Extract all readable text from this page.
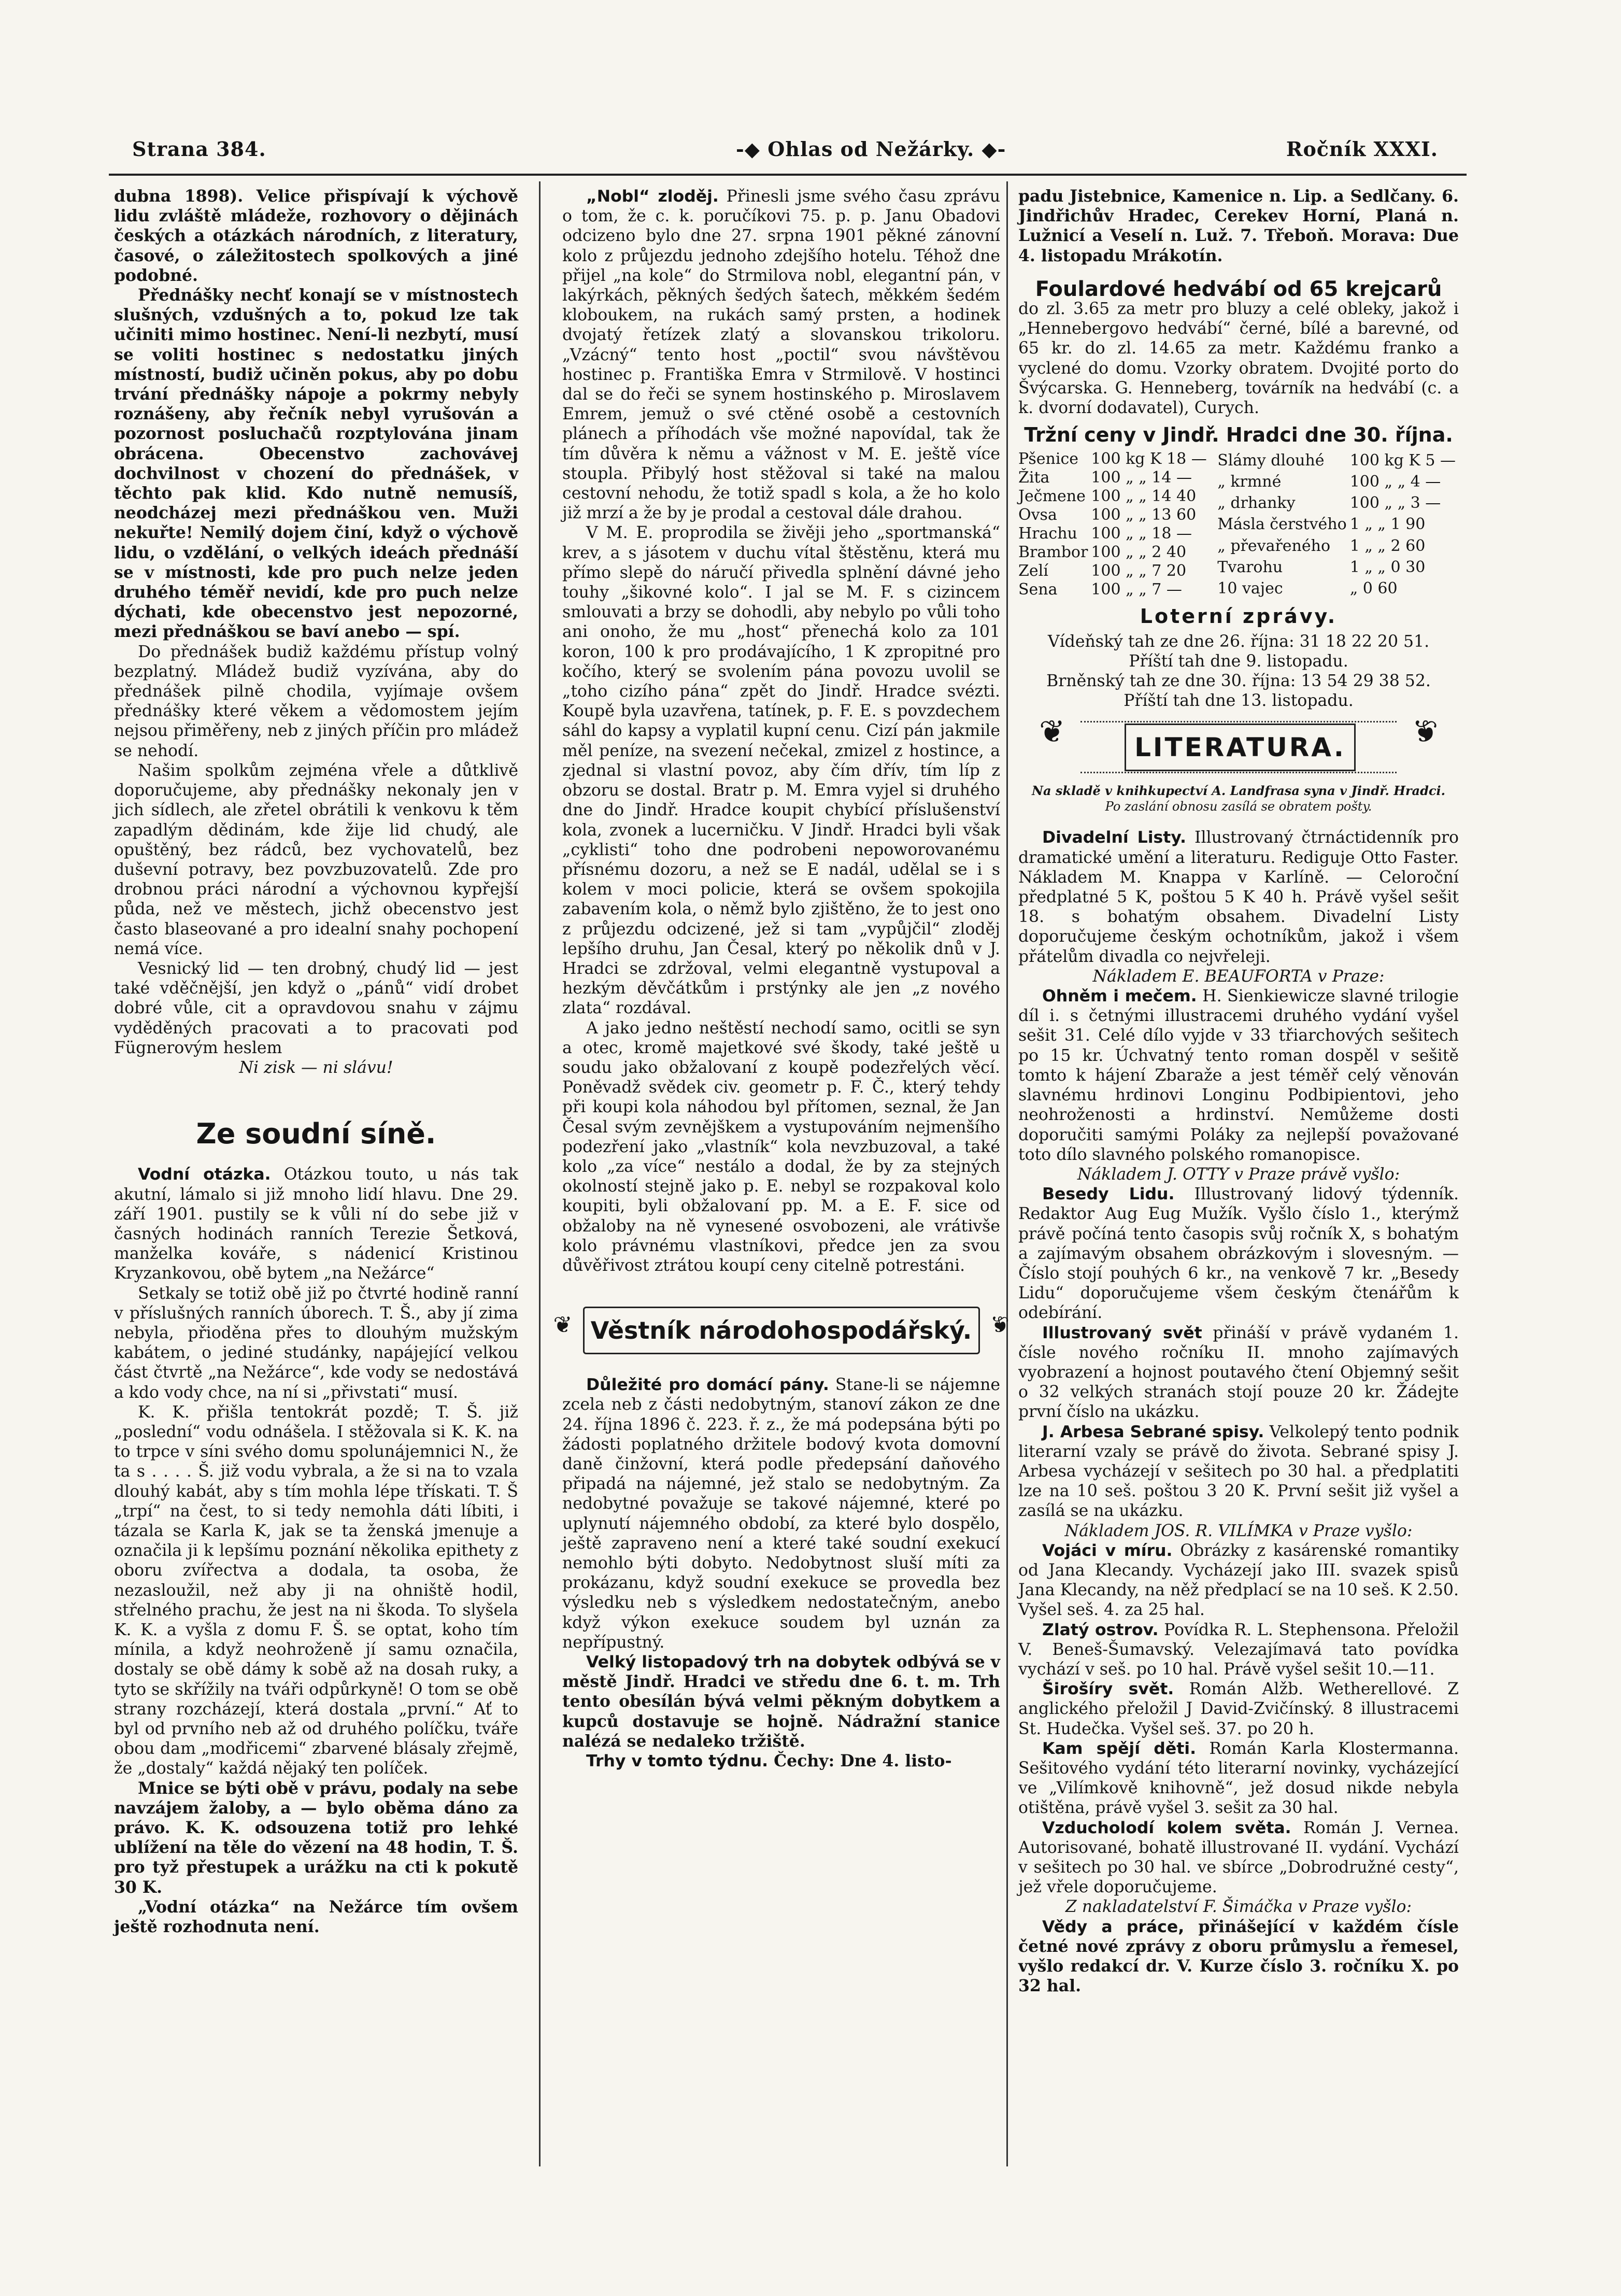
Strana 384.	-◆ Ohlas od Nežárky. ◆-	Ročník XXXI.

dubna 1898). Velice přispívají k výchově lidu zvláště mládeže, rozhovory o dějinách českých a otázkách národních, z literatury, časové, o záležitostech spolkových a jiné podobné.

Přednášky nechť konají se v místnostech slušných, vzdušných a to, pokud lze tak učiniti mimo hostinec. Není-li nezbytí, musí se voliti hostinec s nedostatku jiných místností, budiž učiněn pokus, aby po dobu trvání přednášky nápoje a pokrmy nebyly roznášeny, aby řečník nebyl vyrušován a pozornost posluchačů rozptylována jinam obrácena. Obecenstvo zachovávej dochvilnost v chození do přednášek, v těchto pak klid. Kdo nutně nemusíš, neodcházej mezi přednáškou ven. Muži nekuřte! Nemilý dojem činí, když o výchově lidu, o vzdělání, o velkých ideách přednáší se v místnosti, kde pro puch nelze jeden druhého téměř nevidí, kde pro puch nelze dýchati, kde obecenstvo jest nepozorné, mezi přednáškou se baví anebo — spí.

Do přednášek budiž každému přístup volný bezplatný. Mládež budiž vyzívána, aby do přednášek pilně chodila, vyjímaje ovšem přednášky které věkem a vědomostem jejím nejsou přiměřeny, neb z jiných příčin pro mládež se nehodí.

Našim spolkům zejména vřele a důtklivě doporučujeme, aby přednášky nekonaly jen v jich sídlech, ale zřetel obrátili k venkovu k těm zapadlým dědinám, kde žije lid chudý, ale opuštěný, bez rádců, bez vychovatelů, bez duševní potravy, bez povzbuzovatelů. Zde pro drobnou práci národní a výchovnou kypřejší půda, než ve městech, jichž obecenstvo jest často blaseované a pro idealní snahy pochopení nemá více.

Vesnický lid — ten drobný, chudý lid — jest také vděčnější, jen když o „pánů“ vidí drobet dobré vůle, cit a opravdovou snahu v zájmu vyděděných pracovati a to pracovati pod Fügnerovým heslem

Ni zisk — ni slávu!

Ze soudní síně.

Vodní otázka. Otázkou touto, u nás tak akutní, lámalo si již mnoho lidí hlavu. Dne 29. září 1901. pustily se k vůli ní do sebe již v časných hodinách ranních Terezie Šetková, manželka kováře, s nádenicí Kristinou Kryzankovou, obě bytem „na Nežárce“

Setkaly se totiž obě již po čtvrté hodině ranní v příslušných ranních úborech. T. Š., aby jí zima nebyla, přioděna přes to dlouhým mužským kabátem, o jediné studánky, napájející velkou část čtvrtě „na Nežárce“, kde vody se nedostává a kdo vody chce, na ní si „přivstati“ musí.

K. K. přišla tentokrát pozdě; T. Š. již „poslední“ vodu odnášela. I stěžovala si K. K. na to trpce v síni svého domu spolunájemnici N., že ta s . . . . Š. již vodu vybrala, a že si na to vzala dlouhý kabát, aby s tím mohla lépe třískati. T. Š „trpí“ na čest, to si tedy nemohla dáti líbiti, i tázala se Karla K, jak se ta ženská jmenuje a označila ji k lepšímu poznání několika epithety z oboru zvířectva a dodala, ta osoba, že nezasloužil, než aby ji na ohniště hodil, střelného prachu, že jest na ni škoda. To slyšela K. K. a vyšla z domu F. Š. se optat, koho tím mínila, a když neohroženě jí samu označila, dostaly se obě dámy k sobě až na dosah ruky, a tyto se skřížily na tváři odpůrkyně! O tom se obě strany rozcházejí, která dostala „první.“ Ať to byl od prvního neb až od druhého políčku, tváře obou dam „modřicemi“ zbarvené blásaly zřejmě, že „dostaly“ každá nějaký ten políček.

Mnice se býti obě v právu, podaly na sebe navzájem žaloby, a — bylo oběma dáno za právo. K. K. odsouzena totiž pro lehké ublížení na těle do vězení na 48 hodin, T. Š. pro tyž přestupek a urážku na cti k pokutě 30 K.

„Vodní otázka“ na Nežárce tím ovšem ještě rozhodnuta není.

„Nobl“ zloděj. Přinesli jsme svého času zprávu o tom, že c. k. poručíkovi 75. p. p. Janu Obadovi odcizeno bylo dne 27. srpna 1901 pěkné zánovní kolo z průjezdu jednoho zdejšího hotelu. Téhož dne přijel „na kole“ do Strmilova nobl, elegantní pán, v lakýrkách, pěkných šedých šatech, měkkém šedém kloboukem, na rukách samý prsten, a hodinek dvojatý řetízek zlatý a slovanskou trikoloru. „Vzácný“ tento host „poctil“ svou návštěvou hostinec p. Františka Emra v Strmilově. V hostinci dal se do řeči se synem hostinského p. Miroslavem Emrem, jemuž o své ctěné osobě a cestovních plánech a příhodách vše možné napovídal, tak že tím důvěra k němu a vážnost v M. E. ještě více stoupla. Přibylý host stěžoval si také na malou cestovní nehodu, že totiž spadl s kola, a že ho kolo již mrzí a že by je prodal a cestoval dále drahou.

V M. E. proprodila se živěji jeho „sportmanská“ krev, a s jásotem v duchu vítal štěstěnu, která mu přímo slepě do náručí přivedla splnění dávné jeho touhy „šikovné kolo“. I jal se M. F. s cizincem smlouvati a brzy se dohodli, aby nebylo po vůli toho ani onoho, že mu „host“ přenechá kolo za 101 koron, 100 k pro prodávajícího, 1 K zpropitné pro kočího, který se svolením pána povozu uvolil se „toho cizího pána“ zpět do Jindř. Hradce svézti. Koupě byla uzavřena, tatínek, p. F. E. s povzdechem sáhl do kapsy a vyplatil kupní cenu. Cizí pán jakmile měl peníze, na svezení nečekal, zmizel z hostince, a zjednal si vlastní povoz, aby čím dřív, tím líp z obzoru se dostal. Bratr p. M. Emra vyjel si druhého dne do Jindř. Hradce koupit chybící příslušenství kola, zvonek a lucerničku. V Jindř. Hradci byli však „cyklisti“ toho dne podrobeni nepoworovanému přísnému dozoru, a než se E nadál, udělal se i s kolem v moci policie, která se ovšem spokojila zabavením kola, o němž bylo zjištěno, že to jest ono z průjezdu odcizené, jež si tam „vypůjčil“ zloděj lepšího druhu, Jan Česal, který po několik dnů v J. Hradci se zdržoval, velmi elegantně vystupoval a hezkým děvčátkům i prstýnky ale jen „z nového zlata“ rozdával.

A jako jedno neštěstí nechodí samo, ocitli se syn a otec, kromě majetkové své škody, také ještě u soudu jako obžalovaní z koupě podezřelých věcí. Poněvadž svědek civ. geometr p. F. Č., který tehdy při koupi kola náhodou byl přítomen, seznal, že Jan Česal svým zevnějškem a vystupováním nejmenšího podezření jako „vlastník“ kola nevzbuzoval, a také kolo „za více“ nestálo a dodal, že by za stejných okolností stejně jako p. E. nebyl se rozpakoval kolo koupiti, byli obžalovaní pp. M. a E. F. sice od obžaloby na ně vynesené osvobozeni, ale vrátivše kolo právnému vlastníkovi, předce jen za svou důvěřivost ztrátou koupí ceny citelně potrestáni.

❦ Věstník národohospodářský. ❦

Důležité pro domácí pány. Stane-li se nájemne zcela neb z části nedobytným, stanoví zákon ze dne 24. října 1896 č. 223. ř. z., že má podepsána býti po žádosti poplatného držitele bodový kvota domovní daně činžovní, která podle předepsání daňového připadá na nájemné, jež stalo se nedobytným. Za nedobytné považuje se takové nájemné, které po uplynutí nájemného období, za které bylo dospělo, ještě zapraveno není a které také soudní exekucí nemohlo býti dobyto. Nedobytnost sluší míti za prokázanu, když soudní exekuce se provedla bez výsledku neb s výsledkem nedostatečným, anebo když výkon exekuce soudem byl uznán za nepřípustný.

Velký listopadový trh na dobytek odbývá se v městě Jindř. Hradci ve středu dne 6. t. m. Trh tento obesílán bývá velmi pěkným dobytkem a kupců dostavuje se hojně. Nádražní stanice nalézá se nedaleko tržiště.

Trhy v tomto týdnu. Čechy: Dne 4. listo-

padu Jistebnice, Kamenice n. Lip. a Sedlčany. 6. Jindřichův Hradec, Cerekev Horní, Planá n. Lužnicí a Veselí n. Luž. 7. Třeboň. Morava: Due 4. listopadu Mrákotín.

Foulardové hedvábí od 65 krejcarů

do zl. 3.65 za metr pro bluzy a celé obleky, jakož i „Hennebergovo hedvábí“ černé, bílé a barevné, od 65 kr. do zl. 14.65 za metr. Každému franko a vyclené do domu. Vzorky obratem. Dvojité porto do Švýcarska. G. Henneberg, továrník na hedvábí (c. a k. dvorní dodavatel), Curych.

Tržní ceny v Jindř. Hradci dne 30. října.
Pšenice	100 kg K 18 —
Žita	100 „ „ 14 —
Ječmene	100 „ „ 14 40
Ovsa	100 „ „ 13 60
Hrachu	100 „ „ 18 —
Brambor	100 „ „ 2 40
Zelí	100 „ „ 7 20
Sena	100 „ „ 7 —
Slámy dlouhé	100 kg K 5 —
„ krmné	100 „ „ 4 —
„ drhanky	100 „ „ 3 —
Másla čerstvého	1 „ „ 1 90
„ převařeného	1 „ „ 2 60
Tvarohu	1 „ „ 0 30
10 vajec	„ 0 60
Loterní zprávy.

Vídeňský tah ze dne 26. října: 31 18 22 20 51.

Příští tah dne 9. listopadu.

Brněnský tah ze dne 30. října: 13 54 29 38 52.

Příští tah dne 13. listopadu.

❦	LITERATURA.	❦

Na skladě v knihkupectví A. Landfrasa syna v Jindř. Hradci.

Po zaslání obnosu zasílá se obratem pošty.

Divadelní Listy. Illustrovaný čtrnáctidenník pro dramatické umění a literaturu. Rediguje Otto Faster. Nákladem M. Knappa v Karlíně. — Celoroční předplatné 5 K, poštou 5 K 40 h. Právě vyšel sešit 18. s bohatým obsahem. Divadelní Listy doporučujeme českým ochotníkům, jakož i všem přátelům divadla co nejvřeleji.

Nákladem E. BEAUFORTA v Praze:

Ohněm i mečem. H. Sienkiewicze slavné trilogie díl i. s četnými illustracemi druhého vydání vyšel sešit 31. Celé dílo vyjde v 33 třiarchových sešitech po 15 kr. Úchvatný tento roman dospěl v sešitě tomto k hájení Zbaraže a jest téměř celý věnován slavnému hrdinovi Longinu Podbipientovi, jeho neohroženosti a hrdinství. Nemůžeme dosti doporučiti samými Poláky za nejlepší považované toto dílo slavného polského romanopisce.

Nákladem J. OTTY v Praze právě vyšlo:

Besedy Lidu. Illustrovaný lidový týdenník. Redaktor Aug Eug Mužík. Vyšlo číslo 1., kterýmž právě počíná tento časopis svůj ročník X, s bohatým a zajímavým obsahem obrázkovým i slovesným. — Číslo stojí pouhých 6 kr., na venkově 7 kr. „Besedy Lidu“ doporučujeme všem českým čtenářům k odebírání.

Illustrovaný svět přináší v právě vydaném 1. čísle nového ročníku II. mnoho zajímavých vyobrazení a hojnost poutavého čtení Objemný sešit o 32 velkých stranách stojí pouze 20 kr. Žádejte první číslo na ukázku.

J. Arbesa Sebrané spisy. Velkolepý tento podnik literarní vzaly se právě do života. Sebrané spisy J. Arbesa vycházejí v sešitech po 30 hal. a předplatiti lze na 10 seš. poštou 3 20 K. První sešit již vyšel a zasílá se na ukázku.

Nákladem JOS. R. VILÍMKA v Praze vyšlo:

Vojáci v míru. Obrázky z kasárenské romantiky od Jana Klecandy. Vycházejí jako III. svazek spisů Jana Klecandy, na něž předplací se na 10 seš. K 2.50. Vyšel seš. 4. za 25 hal.

Zlatý ostrov. Povídka R. L. Stephensona. Přeložil V. Beneš-Šumavský. Velezajímavá tato povídka vychází v seš. po 10 hal. Právě vyšel sešit 10.—11.

Širošíry svět. Román Alžb. Wetherellové. Z anglického přeložil J David-Zvičínský. 8 illustracemi St. Hudečka. Vyšel seš. 37. po 20 h.

Kam spějí děti. Román Karla Klostermanna. Sešitového vydání této literarní novinky, vycházející ve „Vilímkově knihovně“, jež dosud nikde nebyla otištěna, právě vyšel 3. sešit za 30 hal.

Vzducholodí kolem světa. Román J. Vernea. Autorisované, bohatě illustrované II. vydání. Vychází v sešitech po 30 hal. ve sbírce „Dobrodružné cesty“, jež vřele doporučujeme.

Z nakladatelství F. Šimáčka v Praze vyšlo:

Vědy a práce, přinášející v každém čísle četné nové zprávy z oboru průmyslu a řemesel, vyšlo redakcí dr. V. Kurze číslo 3. ročníku X. po 32 hal.
